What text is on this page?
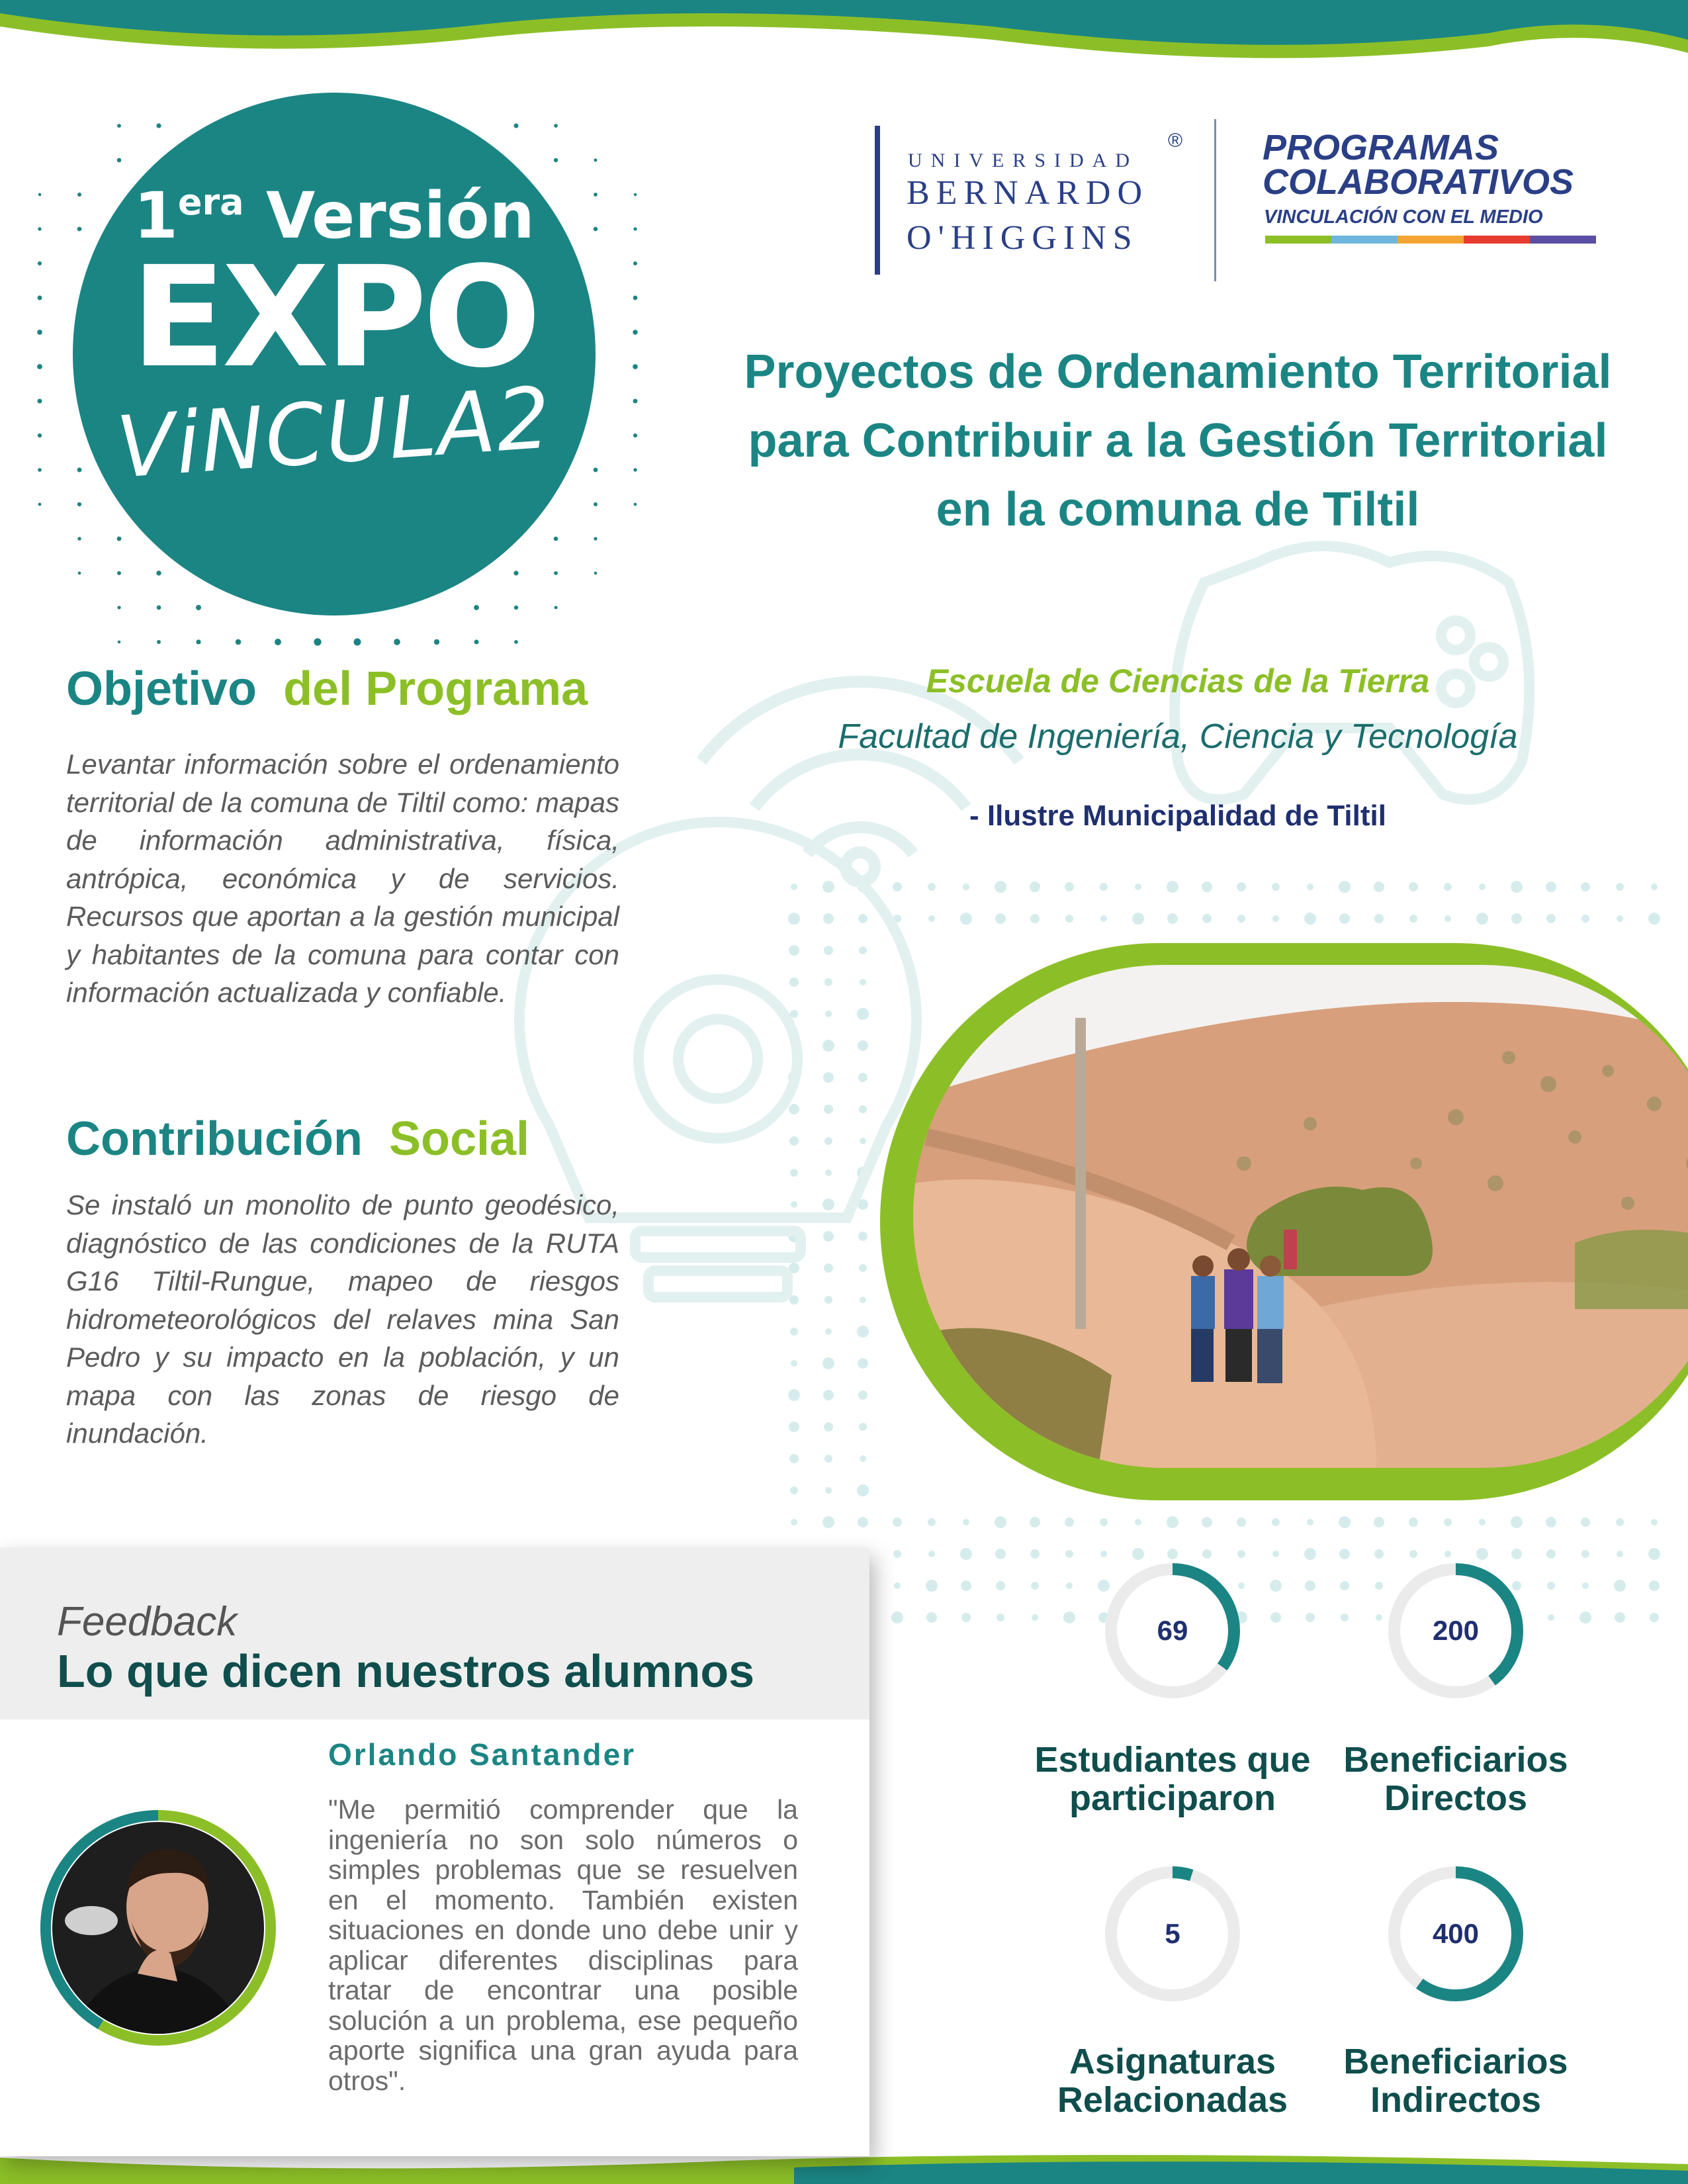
$1^{era}$ Versión
EXPO
ViNCULA2
UNIVERSIDAD
®
BERNARDO
O'HIGGINS
PROGRAMAS
COLABORATIVOS
VINCULACIÓN CON EL MEDIO
Proyectos de Ordenamiento Territorial para Contribuir a la Gestión Territorial en la comuna de Tiltil
Escuela de Ciencias de la Tierra
Facultad de Ingeniería, Ciencia y Tecnología
- Ilustre Municipalidad de Tiltil
Objetivo del Programa
Levantar información sobre el ordenamiento territorial de la comuna de Tiltil como: mapas de información administrativa, física, antrópica, económica y de servicios. Recursos que aportan a la gestión municipal y habitantes de la comuna para contar con información actualizada y confiable.
Contribución Social
Se instaló un monolito de punto geodésico, diagnóstico de las condiciones de la RUTA G16 Tiltil-Rungue, mapeo de riesgos hidrometeorológicos del relaves mina San Pedro y su impacto en la población, y un mapa con las zonas de riesgo de inundación.
Feedback
Lo que dicen nuestros alumnos
Orlando Santander
"Me permitió comprender que la ingeniería no son solo números o simples problemas que se resuelven en el momento. También existen situaciones en donde uno debe unir y aplicar diferentes disciplinas para tratar de encontrar una posible solución a un problema, ese pequeño aporte significa una gran ayuda para otros".
69
Estudiantes que participaron
200
Beneficiarios Directos
5
Asignaturas Relacionadas
400
Beneficiarios Indirectos
